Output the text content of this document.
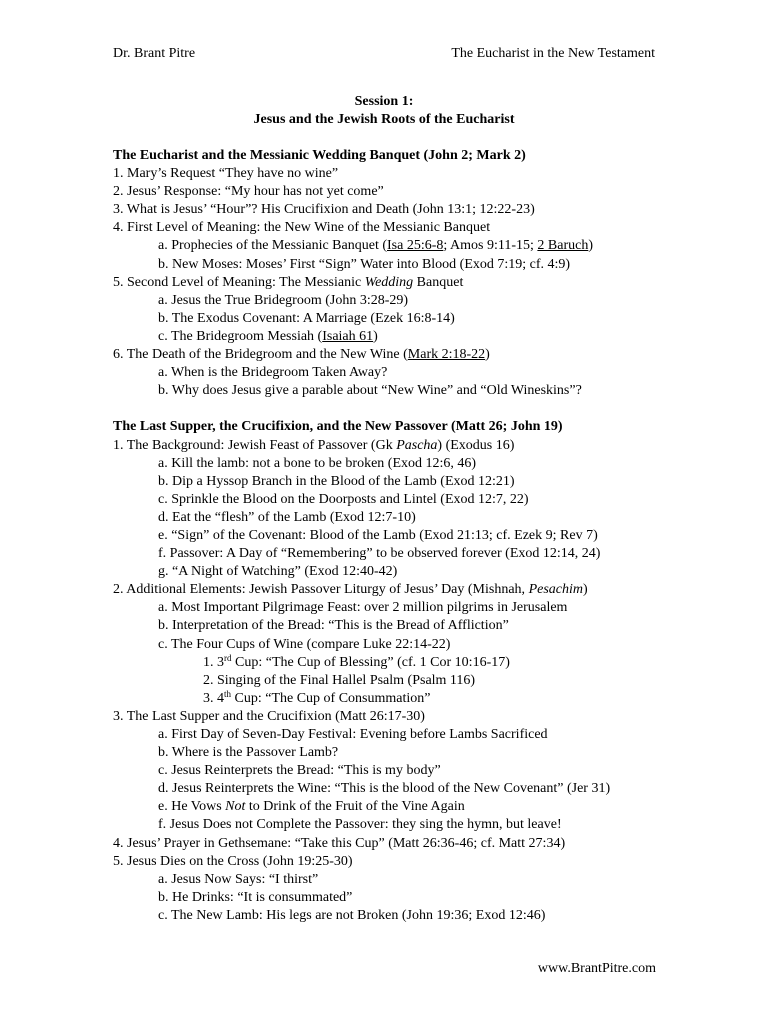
Dr. Brant Pitre	The Eucharist in the New Testament
Session 1:
Jesus and the Jewish Roots of the Eucharist
The Eucharist and the Messianic Wedding Banquet (John 2; Mark 2)
1. Mary’s Request “They have no wine”
2. Jesus’ Response: “My hour has not yet come”
3. What is Jesus’ “Hour”? His Crucifixion and Death (John 13:1; 12:22-23)
4. First Level of Meaning: the New Wine of the Messianic Banquet
a. Prophecies of the Messianic Banquet (Isa 25:6-8; Amos 9:11-15; 2 Baruch)
b. New Moses: Moses’ First “Sign” Water into Blood (Exod 7:19; cf. 4:9)
5. Second Level of Meaning: The Messianic Wedding Banquet
a. Jesus the True Bridegroom (John 3:28-29)
b. The Exodus Covenant: A Marriage (Ezek 16:8-14)
c. The Bridegroom Messiah (Isaiah 61)
6. The Death of the Bridegroom and the New Wine (Mark 2:18-22)
a. When is the Bridegroom Taken Away?
b. Why does Jesus give a parable about “New Wine” and “Old Wineskins”?
The Last Supper, the Crucifixion, and the New Passover (Matt 26; John 19)
1. The Background: Jewish Feast of Passover (Gk Pascha) (Exodus 16)
a. Kill the lamb: not a bone to be broken (Exod 12:6, 46)
b. Dip a Hyssop Branch in the Blood of the Lamb (Exod 12:21)
c. Sprinkle the Blood on the Doorposts and Lintel (Exod 12:7, 22)
d. Eat the “flesh” of the Lamb (Exod 12:7-10)
e. “Sign” of the Covenant: Blood of the Lamb (Exod 21:13; cf. Ezek 9; Rev 7)
f. Passover: A Day of “Remembering” to be observed forever (Exod 12:14, 24)
g. “A Night of Watching” (Exod 12:40-42)
2. Additional Elements: Jewish Passover Liturgy of Jesus’ Day (Mishnah, Pesachim)
a. Most Important Pilgrimage Feast: over 2 million pilgrims in Jerusalem
b. Interpretation of the Bread: “This is the Bread of Affliction”
c. The Four Cups of Wine (compare Luke 22:14-22)
1. 3rd Cup: “The Cup of Blessing” (cf. 1 Cor 10:16-17)
2. Singing of the Final Hallel Psalm (Psalm 116)
3. 4th Cup: “The Cup of Consummation”
3. The Last Supper and the Crucifixion (Matt 26:17-30)
a. First Day of Seven-Day Festival: Evening before Lambs Sacrificed
b. Where is the Passover Lamb?
c. Jesus Reinterprets the Bread: “This is my body”
d. Jesus Reinterprets the Wine: “This is the blood of the New Covenant” (Jer 31)
e. He Vows Not to Drink of the Fruit of the Vine Again
f. Jesus Does not Complete the Passover: they sing the hymn, but leave!
4. Jesus’ Prayer in Gethsemane: “Take this Cup” (Matt 26:36-46; cf. Matt 27:34)
5. Jesus Dies on the Cross (John 19:25-30)
a. Jesus Now Says: “I thirst”
b. He Drinks: “It is consummated”
c. The New Lamb: His legs are not Broken (John 19:36; Exod 12:46)
www.BrantPitre.com
